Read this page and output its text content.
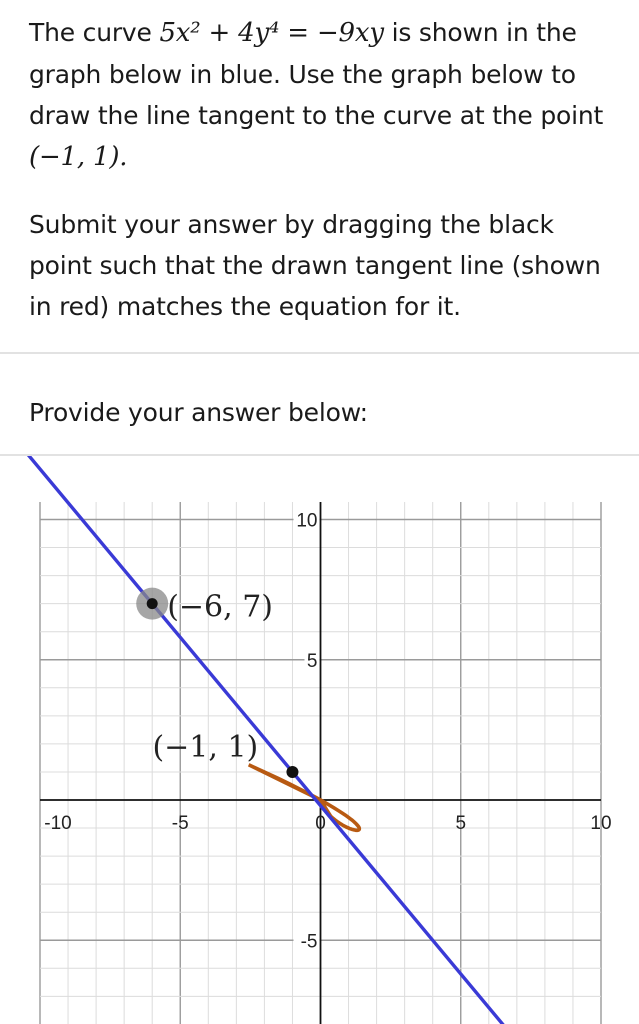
The curve 5x² + 4y⁴ = −9xy is shown in the graph below in blue. Use the graph below to draw the line tangent to the curve at the point (−1, 1).

Submit your answer by dragging the black point such that the drawn tangent line (shown in red) matches the equation for it.

Provide your answer below:

-10	-5	0	5	10
10
5
-5
(−6, 7)
(−1, 1)
